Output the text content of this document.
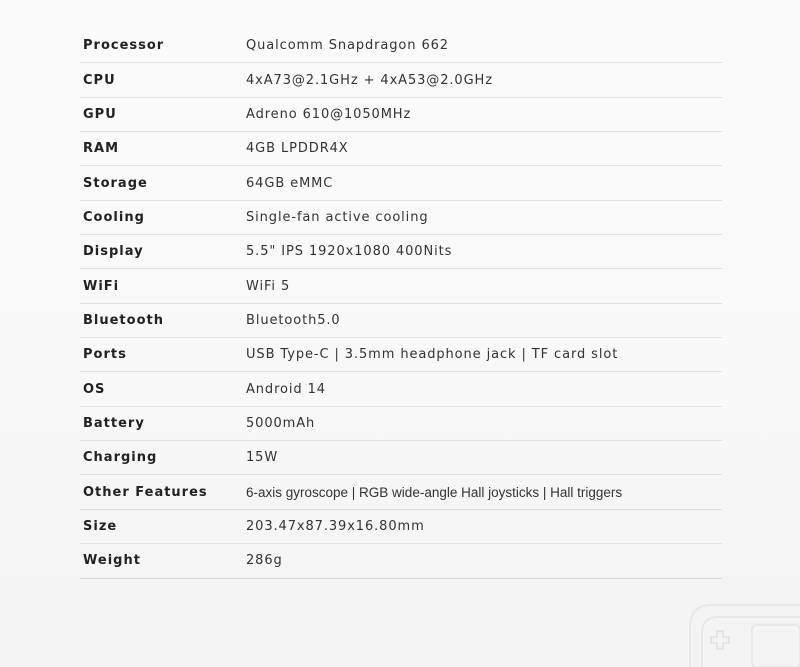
Processor	Qualcomm Snapdragon 662
CPU	4xA73@2.1GHz + 4xA53@2.0GHz
GPU	Adreno 610@1050MHz
RAM	4GB LPDDR4X
Storage	64GB eMMC
Cooling	Single-fan active cooling
Display	5.5" IPS 1920x1080 400Nits
WiFi	WiFi 5
Bluetooth	Bluetooth5.0
Ports	USB Type-C | 3.5mm headphone jack | TF card slot
OS	Android 14
Battery	5000mAh
Charging	15W
Other Features	6-axis gyroscope | RGB wide-angle Hall joysticks | Hall triggers
Size	203.47x87.39x16.80mm
Weight	286g
